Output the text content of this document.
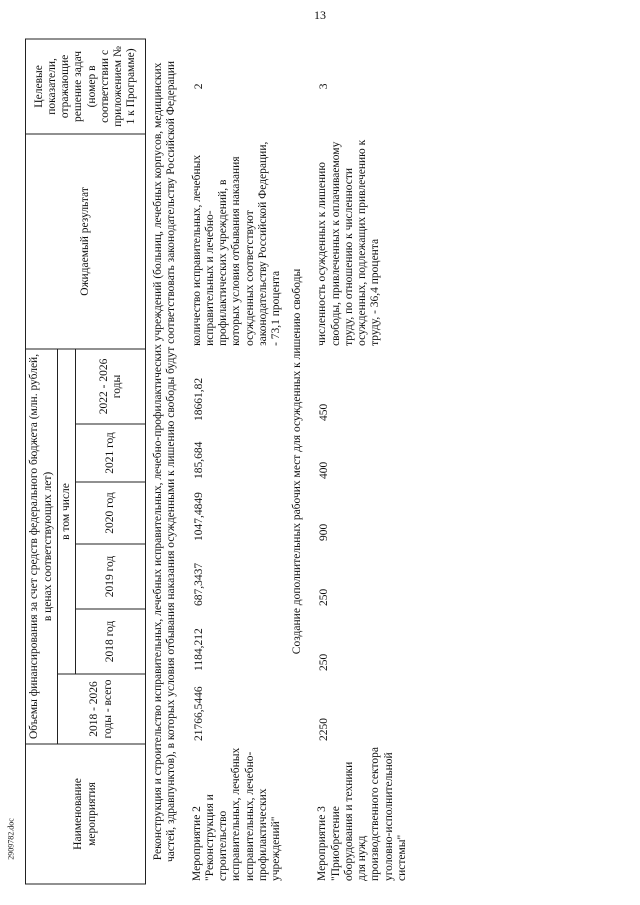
13
Наименование мероприятия	Объемы финансирования за счет средств федерального бюджета (млн. рублей, в ценах соответствующих лет)						Ожидаемый результат	Целевые показатели, отражающие решение задач (номер в соответствии с приложением № 1 к Программе)
	2018 - 2026 годы - всего	в том числе						
		2018 год	2019 год	2020 год	2021 год	2022 - 2026 годы		
Реконструкция и строительство исправительных, лечебных исправительных, лечебно-профилактических учреждений (больниц, лечебных корпусов, медицинских частей, здравпунктов), в которых условия отбывания наказания осужденными к лишению свободы будут соответствовать законодательству Российской Федерации								
Мероприятие 2 "Реконструкция и строительство исправительных, лечебных исправительных, лечебно-профилактических учреждений"	21766,5446	1184,212	687,3437	1047,4849	185,684	18661,82	количество исправительных, лечебных исправительных и лечебно-профилактических учреждений, в которых условия отбывания наказания осужденных соответствуют законодательству Российской Федерации, - 73,1 процента	2
Создание дополнительных рабочих мест для осужденных к лишению свободы								
Мероприятие 3 "Приобретение оборудования и техники для нужд производственного сектора уголовно-исполнительной системы"	2250	250	250	900	400	450	численность осужденных к лишению свободы, привлеченных к оплачиваемому труду, по отношению к численности осужденных, подлежащих привлечению к труду, - 36,4 процента	3
2909782.doc
